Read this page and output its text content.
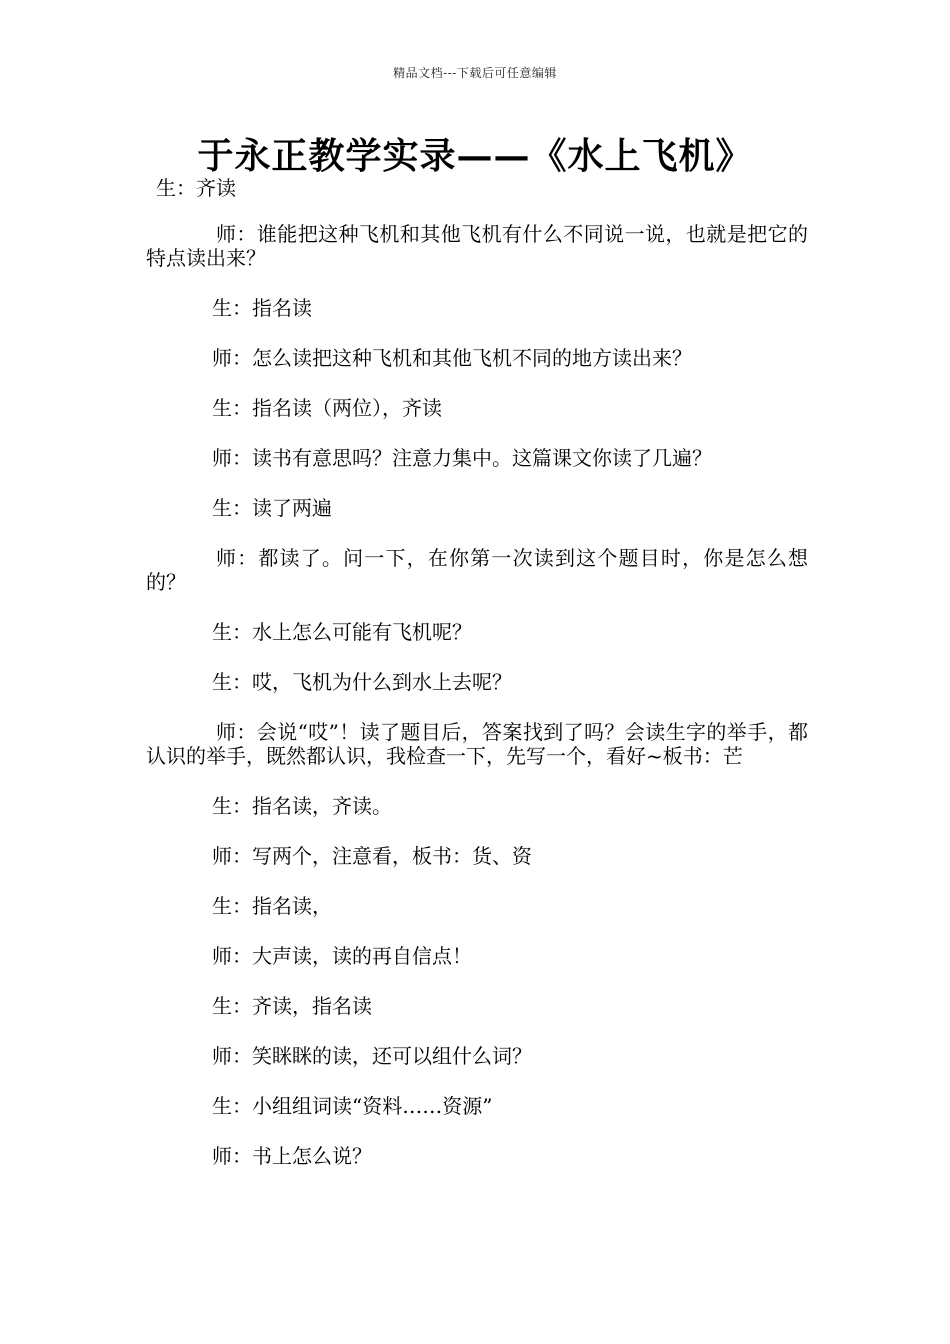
精品文档---下载后可任意编辑
于永正教学实录——《水上飞机》
生：齐读

师：谁能把这种飞机和其他飞机有什么不同说一说，也就是把它的特点读出来？

生：指名读

师：怎么读把这种飞机和其他飞机不同的地方读出来？

生：指名读（两位），齐读

师：读书有意思吗？注意力集中。这篇课文你读了几遍？

生：读了两遍

师：都读了。问一下，在你第一次读到这个题目时，你是怎么想的？

生：水上怎么可能有飞机呢？

生：哎，飞机为什么到水上去呢？

师：会说“哎”！读了题目后，答案找到了吗？会读生字的举手，都认识的举手，既然都认识，我检查一下，先写一个，看好~板书：芒

生：指名读，齐读。

师：写两个，注意看，板书：货、资

生：指名读，

师：大声读，读的再自信点！

生：齐读，指名读

师：笑眯眯的读，还可以组什么词？

生：小组组词读“资料……资源”

师：书上怎么说？
